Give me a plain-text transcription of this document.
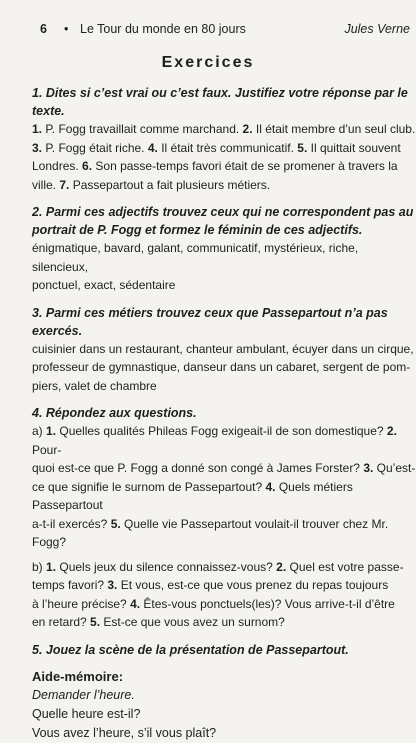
6 • Le Tour du monde en 80 jours	Jules Verne
Exercices

1. Dites si c’est vrai ou c’est faux. Justifiez votre réponse par le texte.

1. P. Fogg travaillait comme marchand. 2. Il était membre d’un seul club.

3. P. Fogg était riche. 4. Il était très communicatif. 5. Il quittait souvent

Londres. 6. Son passe-temps favori était de se promener à travers la

ville. 7. Passepartout a fait plusieurs métiers.

2. Parmi ces adjectifs trouvez ceux qui ne correspondent pas au

portrait de P. Fogg et formez le féminin de ces adjectifs.

énigmatique, bavard, galant, communicatif, mystérieux, riche, silencieux,

ponctuel, exact, sédentaire

3. Parmi ces métiers trouvez ceux que Passepartout n’a pas exercés.

cuisinier dans un restaurant, chanteur ambulant, écuyer dans un cirque,

professeur de gymnastique, danseur dans un cabaret, sergent de pom-

piers, valet de chambre

4. Répondez aux questions.

a) 1. Quelles qualités Phileas Fogg exigeait-il de son domestique? 2. Pour-

quoi est-ce que P. Fogg a donné son congé à James Forster? 3. Qu’est-

ce que signifie le surnom de Passepartout? 4. Quels métiers Passepartout

a-t-il exercés? 5. Quelle vie Passepartout voulait-il trouver chez Mr. Fogg?

b) 1. Quels jeux du silence connaissez-vous? 2. Quel est votre passe-

temps favori? 3. Et vous, est-ce que vous prenez du repas toujours

à l’heure précise? 4. Êtes-vous ponctuels(les)? Vous arrive-t-il d’être

en retard? 5. Est-ce que vous avez un surnom?

5. Jouez la scène de la présentation de Passepartout.

Aide-mémoire:

Demander l’heure.

Quelle heure est-il?

Vous avez l’heure, s’il vous plaît?
